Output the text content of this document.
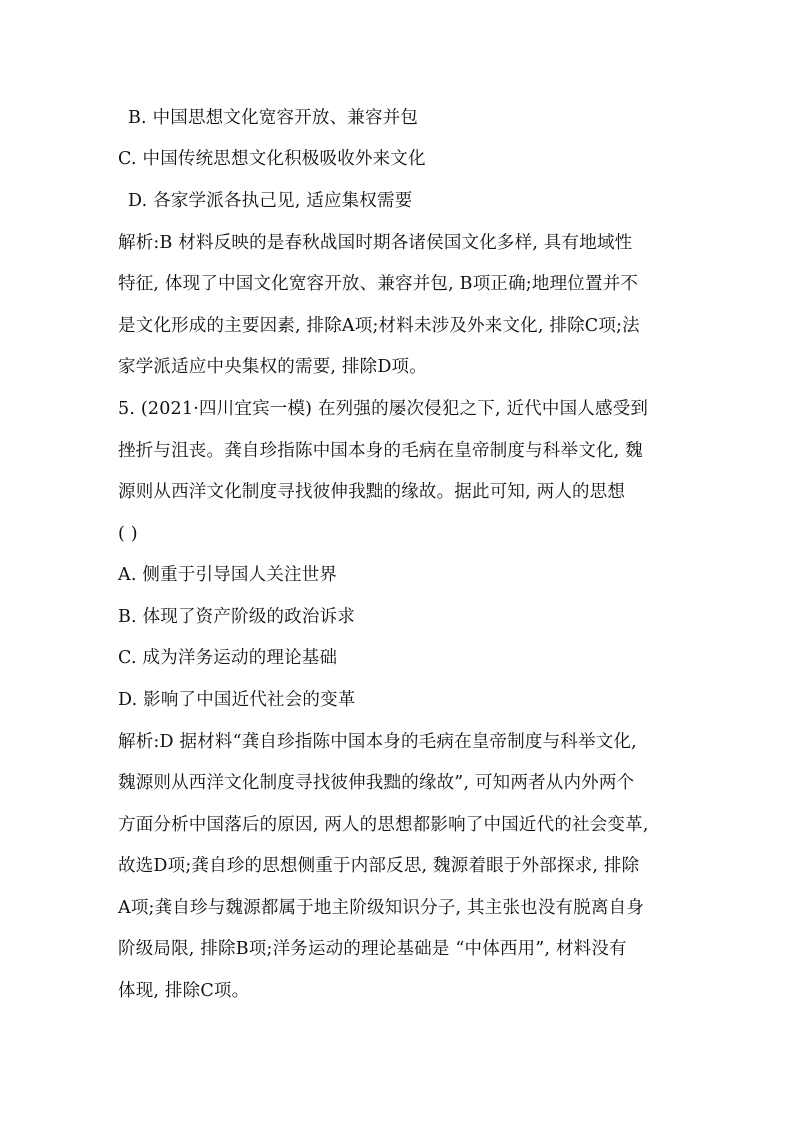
B. 中国思想文化宽容开放、兼容并包
C. 中国传统思想文化积极吸收外来文化
D. 各家学派各执己见, 适应集权需要
解析:B 材料反映的是春秋战国时期各诸侯国文化多样, 具有地域性
特征, 体现了中国文化宽容开放、兼容并包, B项正确;地理位置并不
是文化形成的主要因素, 排除A项;材料未涉及外来文化, 排除C项;法
家学派适应中央集权的需要, 排除D项。
5. (2021·四川宜宾一模) 在列强的屡次侵犯之下, 近代中国人感受到
挫折与沮丧。龚自珍指陈中国本身的毛病在皇帝制度与科举文化, 魏
源则从西洋文化制度寻找彼伸我黜的缘故。据此可知, 两人的思想
( )
A. 侧重于引导国人关注世界
B. 体现了资产阶级的政治诉求
C. 成为洋务运动的理论基础
D. 影响了中国近代社会的变革
解析:D 据材料“龚自珍指陈中国本身的毛病在皇帝制度与科举文化,
魏源则从西洋文化制度寻找彼伸我黜的缘故”, 可知两者从内外两个
方面分析中国落后的原因, 两人的思想都影响了中国近代的社会变革,
故选D项;龚自珍的思想侧重于内部反思, 魏源着眼于外部探求, 排除
A项;龚自珍与魏源都属于地主阶级知识分子, 其主张也没有脱离自身
阶级局限, 排除B项;洋务运动的理论基础是 “中体西用”, 材料没有
体现, 排除C项。
